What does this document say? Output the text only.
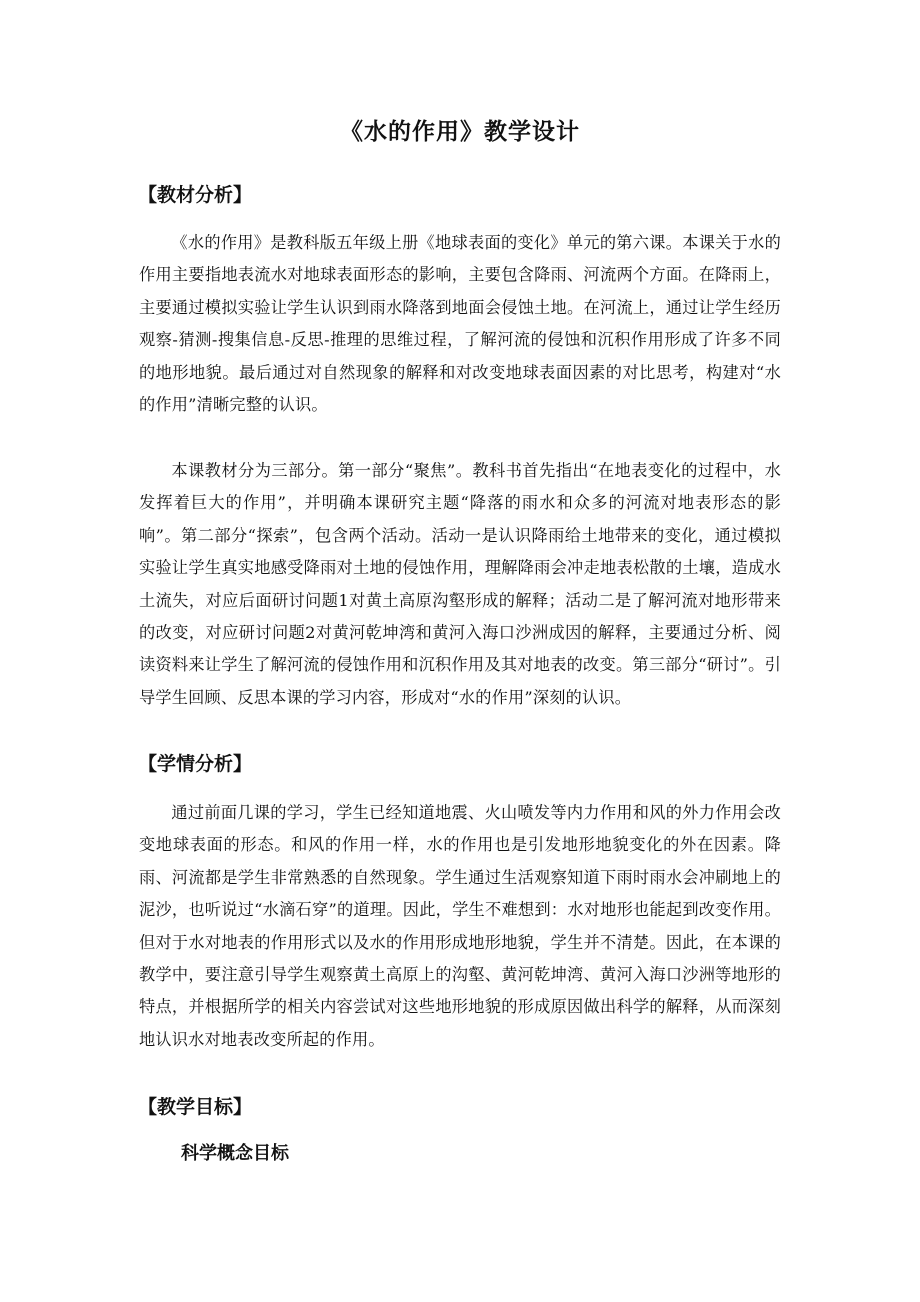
《水的作用》教学设计
【教材分析】

《水的作用》是教科版五年级上册《地球表面的变化》单元的第六课。本课关于水的作用主要指地表流水对地球表面形态的影响，主要包含降雨、河流两个方面。在降雨上，主要通过模拟实验让学生认识到雨水降落到地面会侵蚀土地。在河流上，通过让学生经历观察-猜测-搜集信息-反思-推理的思维过程，了解河流的侵蚀和沉积作用形成了许多不同的地形地貌。最后通过对自然现象的解释和对改变地球表面因素的对比思考，构建对“水的作用”清晰完整的认识。

本课教材分为三部分。第一部分“聚焦”。教科书首先指出“在地表变化的过程中，水发挥着巨大的作用”，并明确本课研究主题“降落的雨水和众多的河流对地表形态的影响”。第二部分“探索”，包含两个活动。活动一是认识降雨给土地带来的变化，通过模拟实验让学生真实地感受降雨对土地的侵蚀作用，理解降雨会冲走地表松散的土壤，造成水土流失，对应后面研讨问题1对黄土高原沟壑形成的解释；活动二是了解河流对地形带来的改变，对应研讨问题2对黄河乾坤湾和黄河入海口沙洲成因的解释，主要通过分析、阅读资料来让学生了解河流的侵蚀作用和沉积作用及其对地表的改变。第三部分“研讨”。引导学生回顾、反思本课的学习内容，形成对“水的作用”深刻的认识。

【学情分析】

通过前面几课的学习，学生已经知道地震、火山喷发等内力作用和风的外力作用会改变地球表面的形态。和风的作用一样，水的作用也是引发地形地貌变化的外在因素。降雨、河流都是学生非常熟悉的自然现象。学生通过生活观察知道下雨时雨水会冲刷地上的泥沙，也听说过“水滴石穿”的道理。因此，学生不难想到：水对地形也能起到改变作用。但对于水对地表的作用形式以及水的作用形成地形地貌，学生并不清楚。因此，在本课的教学中，要注意引导学生观察黄土高原上的沟壑、黄河乾坤湾、黄河入海口沙洲等地形的特点，并根据所学的相关内容尝试对这些地形地貌的形成原因做出科学的解释，从而深刻地认识水对地表改变所起的作用。

【教学目标】
科学概念目标
